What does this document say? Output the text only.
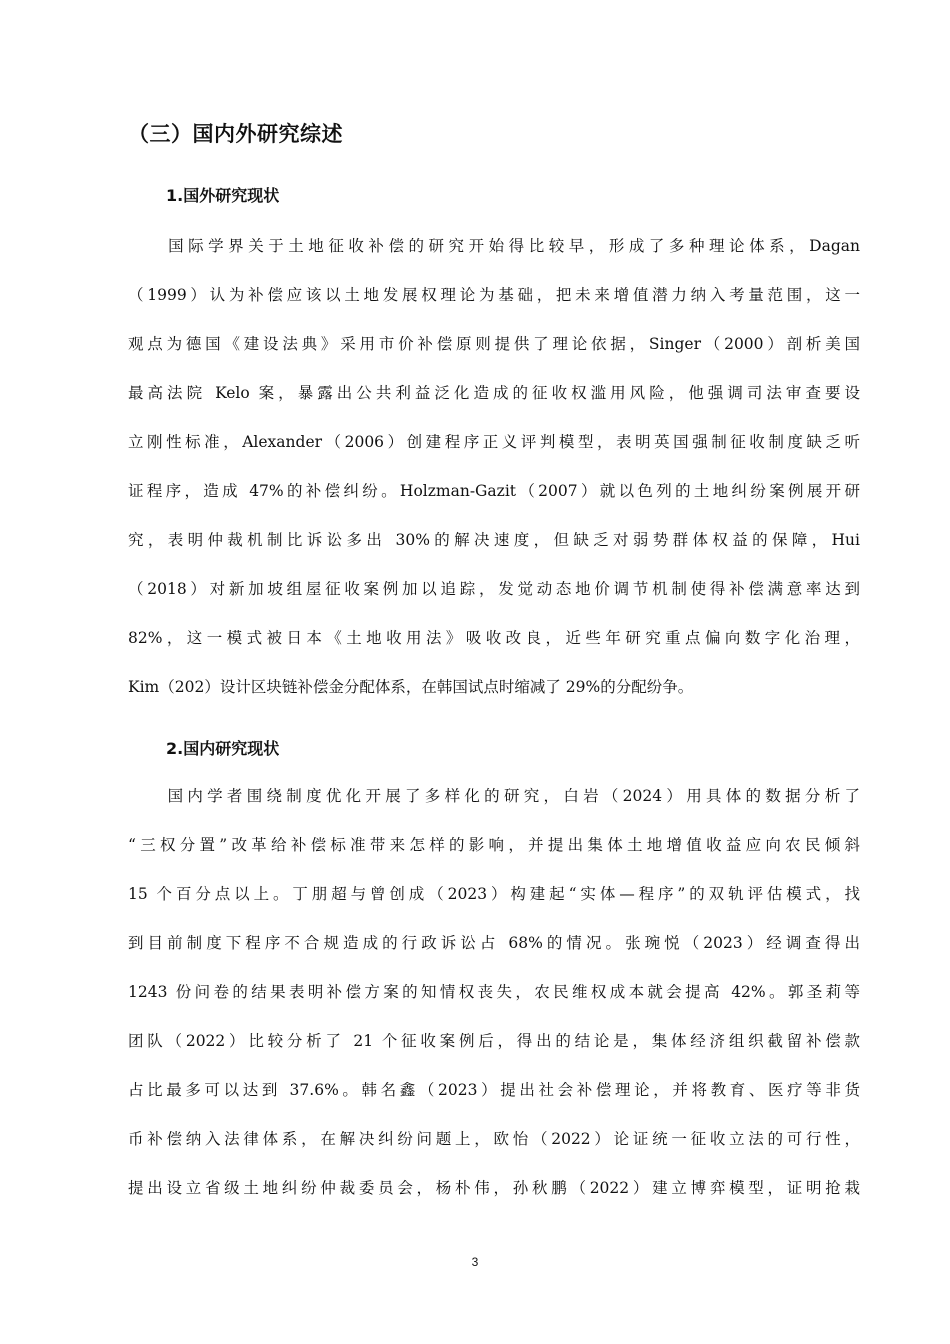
（三）国内外研究综述
1.国外研究现状
　　国际学界关于土地征收补偿的研究开始得比较早，形成了多种理论体系，Dagan
（1999）认为补偿应该以土地发展权理论为基础，把未来增值潜力纳入考量范围，这一
观点为德国《建设法典》采用市价补偿原则提供了理论依据，Singer（2000）剖析美国
最高法院 Kelo 案，暴露出公共利益泛化造成的征收权滥用风险，他强调司法审查要设
立刚性标准，Alexander（2006）创建程序正义评判模型，表明英国强制征收制度缺乏听
证程序，造成 47%的补偿纠纷。Holzman-Gazit（2007）就以色列的土地纠纷案例展开研
究，表明仲裁机制比诉讼多出 30%的解决速度，但缺乏对弱势群体权益的保障，Hui
（2018）对新加坡组屋征收案例加以追踪，发觉动态地价调节机制使得补偿满意率达到
82%，这一模式被日本《土地收用法》吸收改良，近些年研究重点偏向数字化治理，
Kim（202）设计区块链补偿金分配体系，在韩国试点时缩减了 29%的分配纷争。
2.国内研究现状
　　国内学者围绕制度优化开展了多样化的研究，白岩（2024）用具体的数据分析了
“三权分置”改革给补偿标准带来怎样的影响，并提出集体土地增值收益应向农民倾斜
15 个百分点以上。丁朋超与曾创成（2023）构建起“实体—程序”的双轨评估模式，找
到目前制度下程序不合规造成的行政诉讼占 68%的情况。张琬悦（2023）经调查得出
1243 份问卷的结果表明补偿方案的知情权丧失，农民维权成本就会提高 42%。郭圣莉等
团队（2022）比较分析了 21 个征收案例后，得出的结论是，集体经济组织截留补偿款
占比最多可以达到 37.6%。韩名鑫（2023）提出社会补偿理论，并将教育、医疗等非货
币补偿纳入法律体系，在解决纠纷问题上，欧怡（2022）论证统一征收立法的可行性，
提出设立省级土地纠纷仲裁委员会，杨朴伟，孙秋鹏（2022）建立博弈模型，证明抢栽
3
